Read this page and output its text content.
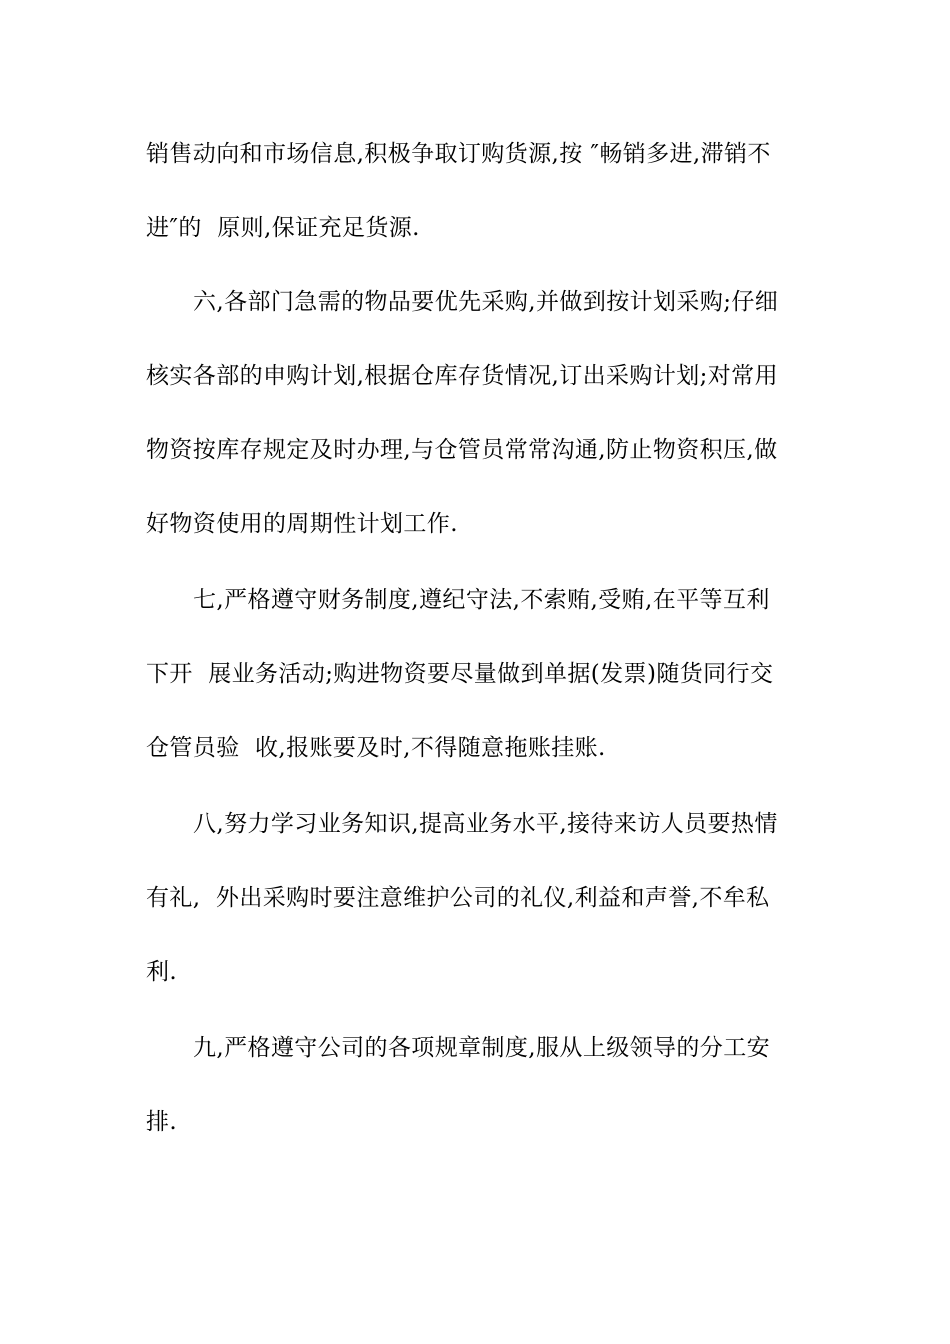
销售动向和市场信息,积极争取订购货源,按 ″畅销多进,滞销不
进″的  原则,保证充足货源.
六,各部门急需的物品要优先采购,并做到按计划采购;仔细
核实各部的申购计划,根据仓库存货情况,订出采购计划;对常用
物资按库存规定及时办理,与仓管员常常沟通,防止物资积压,做
好物资使用的周期性计划工作.
七,严格遵守财务制度,遵纪守法,不索贿,受贿,在平等互利
下开  展业务活动;购进物资要尽量做到单据(发票)随货同行交
仓管员验  收,报账要及时,不得随意拖账挂账.
八,努力学习业务知识,提高业务水平,接待来访人员要热情
有礼,  外出采购时要注意维护公司的礼仪,利益和声誉,不牟私
利.
九,严格遵守公司的各项规章制度,服从上级领导的分工安
排.
